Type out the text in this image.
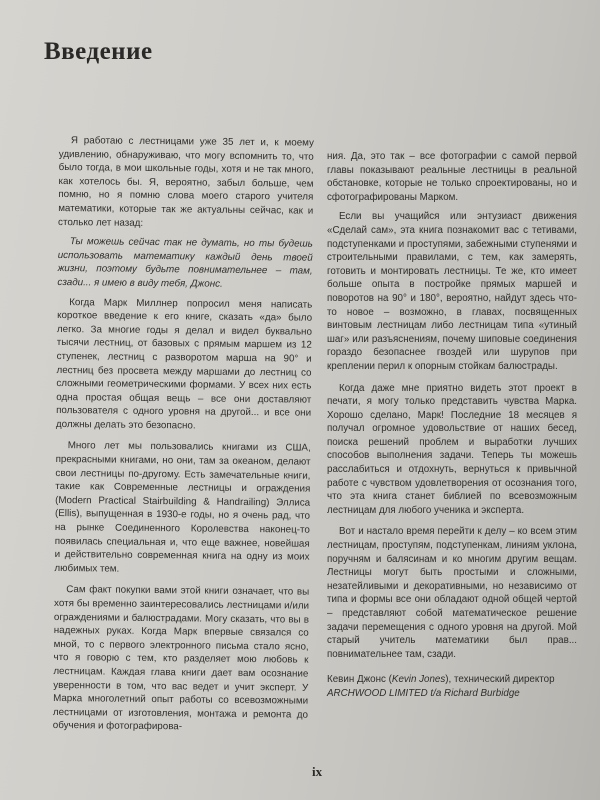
Введение

Я работаю с лестницами уже 35 лет и, к моему удивлению, обнаруживаю, что могу вспомнить то, что было тогда, в мои школьные годы, хотя и не так много, как хотелось бы. Я, вероятно, забыл больше, чем помню, но я помню слова моего старого учителя математики, которые так же актуальны сейчас, как и столько лет назад:

Ты можешь сейчас так не думать, но ты будешь использовать математику каждый день твоей жизни, поэтому будьте повнимательнее – там, сзади... я имею в виду тебя, Джонс.

Когда Марк Миллнер попросил меня написать короткое введение к его книге, сказать «да» было легко. За многие годы я делал и видел буквально тысячи лестниц, от базовых с прямым маршем из 12 ступенек, лестниц с разворотом марша на 90° и лестниц без просвета между маршами до лестниц со сложными геометрическими формами. У всех них есть одна простая общая вещь – все они доставляют пользователя с одного уровня на другой... и все они должны делать это безопасно.

Много лет мы пользовались книгами из США, прекрасными книгами, но они, там за океаном, делают свои лестницы по-другому. Есть замечательные книги, такие как Современные лестницы и ограждения (Modern Practical Stairbuilding & Handrailing) Эллиса (Ellis), выпущенная в 1930-е годы, но я очень рад, что на рынке Соединенного Королевства наконец-то появилась специальная и, что еще важнее, новейшая и действительно современная книга на одну из моих любимых тем.

Сам факт покупки вами этой книги означает, что вы хотя бы временно заинтересовались лестницами и/или ограждениями и балюстрадами. Могу сказать, что вы в надежных руках. Когда Марк впервые связался со мной, то с первого электронного письма стало ясно, что я говорю с тем, кто разделяет мою любовь к лестницам. Каждая глава книги дает вам осознание уверенности в том, что вас ведет и учит эксперт. У Марка многолетний опыт работы со всевозможными лестницами от изготовления, монтажа и ремонта до обучения и фотографирова-

ния. Да, это так – все фотографии с самой первой главы показывают реальные лестницы в реальной обстановке, которые не только спроектированы, но и сфотографированы Марком.

Если вы учащийся или энтузиаст движения «Сделай сам», эта книга познакомит вас с тетивами, подступенками и проступями, забежными ступенями и строительными правилами, с тем, как замерять, готовить и монтировать лестницы. Те же, кто имеет больше опыта в постройке прямых маршей и поворотов на 90° и 180°, вероятно, найдут здесь что-то новое – возможно, в главах, посвященных винтовым лестницам либо лестницам типа «утиный шаг» или разъяснениям, почему шиповые соединения гораздо безопаснее гвоздей или шурупов при креплении перил к опорным стойкам балюстрады.

Когда даже мне приятно видеть этот проект в печати, я могу только представить чувства Марка. Хорошо сделано, Марк! Последние 18 месяцев я получал огромное удовольствие от наших бесед, поиска решений проблем и выработки лучших способов выполнения задачи. Теперь ты можешь расслабиться и отдохнуть, вернуться к привычной работе с чувством удовлетворения от осознания того, что эта книга станет библией по всевозможным лестницам для любого ученика и эксперта.

Вот и настало время перейти к делу – ко всем этим лестницам, проступям, подступенкам, линиям уклона, поручням и балясинам и ко многим другим вещам. Лестницы могут быть простыми и сложными, незатейливыми и декоративными, но независимо от типа и формы все они обладают одной общей чертой – представляют собой математическое решение задачи перемещения с одного уровня на другой. Мой старый учитель математики был прав... повнимательнее там, сзади.

Кевин Джонс (Kevin Jones), технический директор
ARCHWOOD LIMITED t/a Richard Burbidge

ix
